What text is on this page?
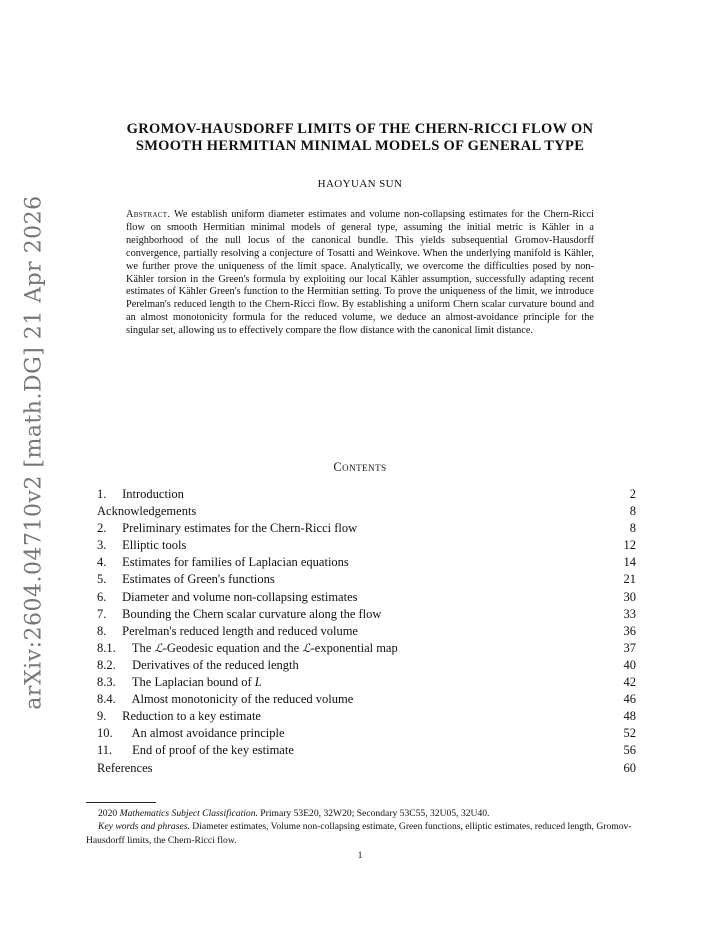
arXiv:2604.04710v2 [math.DG] 21 Apr 2026
GROMOV-HAUSDORFF LIMITS OF THE CHERN-RICCI FLOW ON
SMOOTH HERMITIAN MINIMAL MODELS OF GENERAL TYPE
HAOYUAN SUN
Abstract. We establish uniform diameter estimates and volume non-collapsing estimates for the Chern-Ricci flow on smooth Hermitian minimal models of general type, assuming the initial metric is Kähler in a neighborhood of the null locus of the canonical bundle. This yields subsequential Gromov-Hausdorff convergence, partially resolving a conjecture of Tosatti and Weinkove. When the underlying manifold is Kähler, we further prove the uniqueness of the limit space. Analytically, we overcome the difficulties posed by non-Kähler torsion in the Green's formula by exploiting our local Kähler assumption, successfully adapting recent estimates of Kähler Green's function to the Hermitian setting. To prove the uniqueness of the limit, we introduce Perelman's reduced length to the Chern-Ricci flow. By establishing a uniform Chern scalar curvature bound and an almost monotonicity formula for the reduced volume, we deduce an almost-avoidance principle for the singular set, allowing us to effectively compare the flow distance with the canonical limit distance.
Contents
1. Introduction	2
Acknowledgements	8
2. Preliminary estimates for the Chern-Ricci flow	8
3. Elliptic tools	12
4. Estimates for families of Laplacian equations	14
5. Estimates of Green's functions	21
6. Diameter and volume non-collapsing estimates	30
7. Bounding the Chern scalar curvature along the flow	33
8. Perelman's reduced length and reduced volume	36
8.1. The ℒ-Geodesic equation and the ℒ-exponential map	37
8.2. Derivatives of the reduced length	40
8.3. The Laplacian bound of L	42
8.4. Almost monotonicity of the reduced volume	46
9. Reduction to a key estimate	48
10. An almost avoidance principle	52
11. End of proof of the key estimate	56
References	60
2020 Mathematics Subject Classification. Primary 53E20, 32W20; Secondary 53C55, 32U05, 32U40.
Key words and phrases. Diameter estimates, Volume non-collapsing estimate, Green functions, elliptic estimates, reduced length, Gromov-Hausdorff limits, the Chern-Ricci flow.
1
